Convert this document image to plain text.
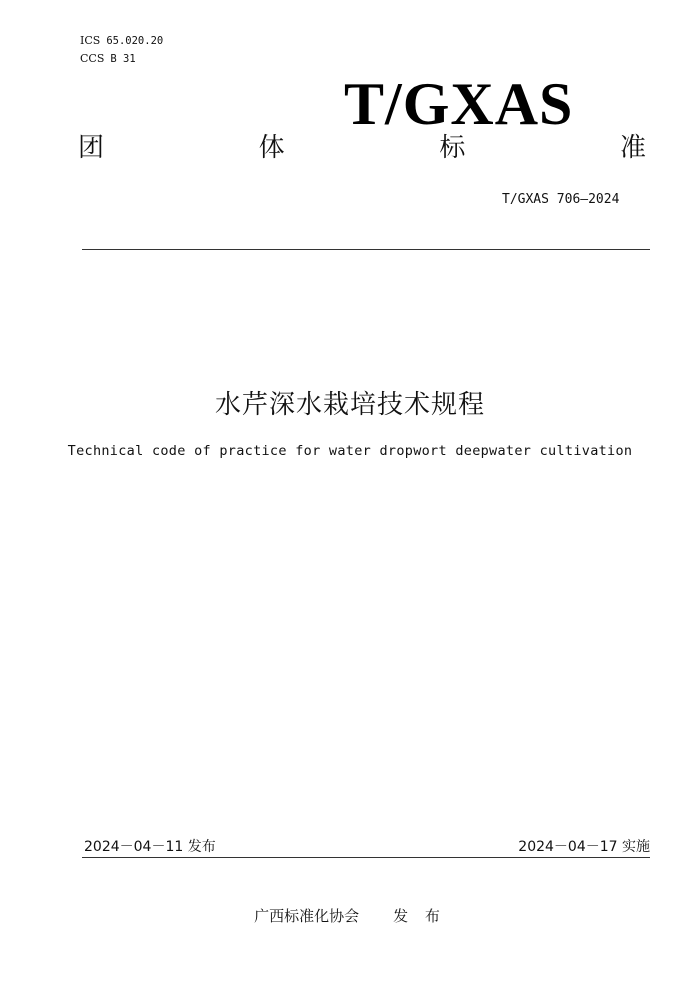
ICS 65.020.20
CCS B 31
T/GXAS
团	体	标	准
T/GXAS 706—2024
水芹深水栽培技术规程
Technical code of practice for water dropwort deepwater cultivation
2024－04－11 发布	2024－04－17 实施
广西标准化协会 发 布
